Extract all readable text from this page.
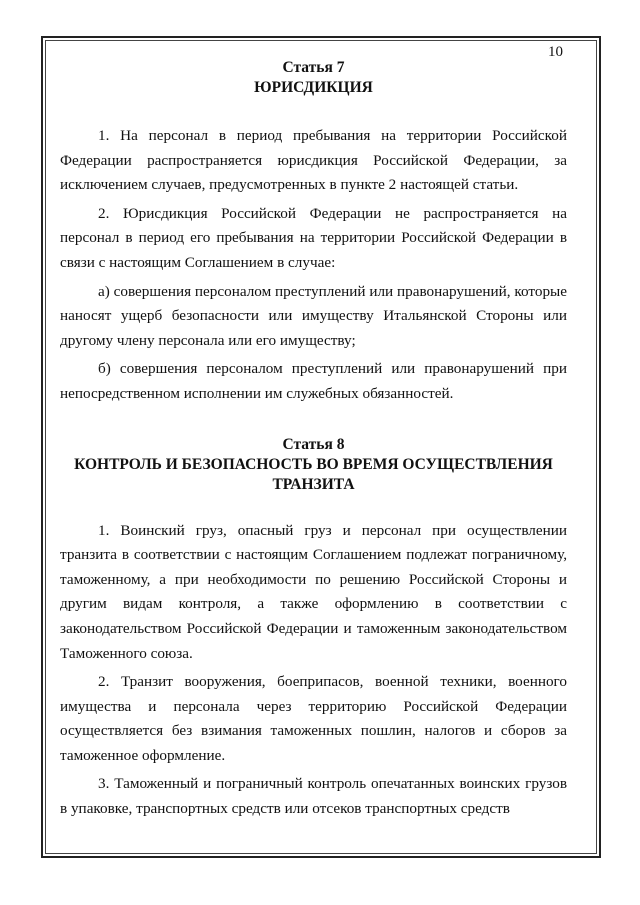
10
Статья 7
ЮРИСДИКЦИЯ

1. На персонал в период пребывания на территории Российской Федерации распространяется юрисдикция Российской Федерации, за исключением случаев, предусмотренных в пункте 2 настоящей статьи.

2. Юрисдикция Российской Федерации не распространяется на персонал в период его пребывания на территории Российской Федерации в связи с настоящим Соглашением в случае:

а) совершения персоналом преступлений или правонарушений, которые наносят ущерб безопасности или имуществу Итальянской Стороны или другому члену персонала или его имуществу;

б) совершения персоналом преступлений или правонарушений при непосредственном исполнении им служебных обязанностей.

Статья 8
КОНТРОЛЬ И БЕЗОПАСНОСТЬ ВО ВРЕМЯ ОСУЩЕСТВЛЕНИЯ ТРАНЗИТА

1. Воинский груз, опасный груз и персонал при осуществлении транзита в соответствии с настоящим Соглашением подлежат пограничному, таможенному, а при необходимости по решению Российской Стороны и другим видам контроля, а также оформлению в соответствии с законодательством Российской Федерации и таможенным законодательством Таможенного союза.

2. Транзит вооружения, боеприпасов, военной техники, военного имущества и персонала через территорию Российской Федерации осуществляется без взимания таможенных пошлин, налогов и сборов за таможенное оформление.

3. Таможенный и пограничный контроль опечатанных воинских грузов в упаковке, транспортных средств или отсеков транспортных средств
